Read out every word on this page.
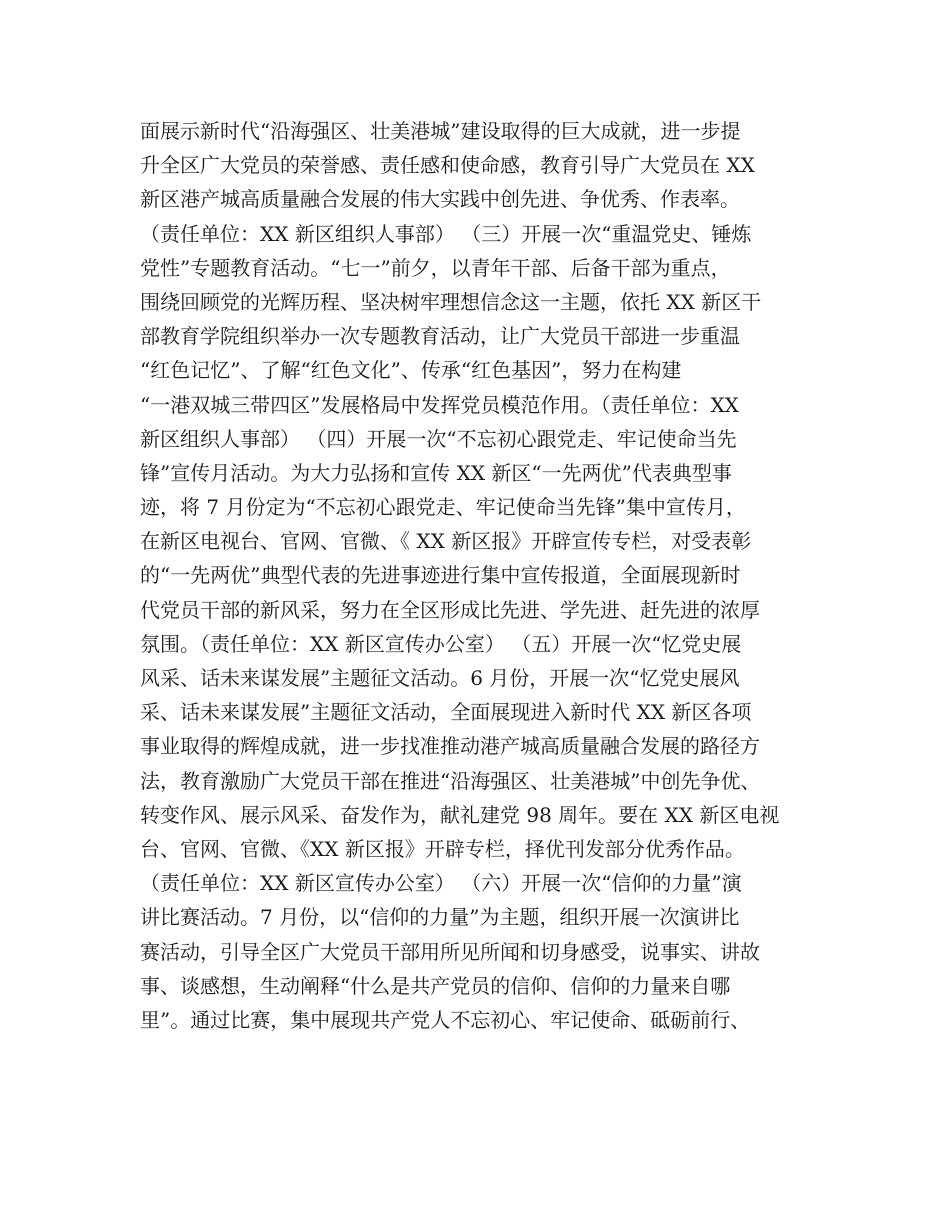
面展示新时代“沿海强区、壮美港城”建设取得的巨大成就，进一步提
升全区广大党员的荣誉感、责任感和使命感，教育引导广大党员在 XX
新区港产城高质量融合发展的伟大实践中创先进、争优秀、作表率。
（责任单位：XX 新区组织人事部） （三）开展一次“重温党史、锤炼
党性”专题教育活动。“七一”前夕，以青年干部、后备干部为重点，
围绕回顾党的光辉历程、坚决树牢理想信念这一主题，依托 XX 新区干
部教育学院组织举办一次专题教育活动，让广大党员干部进一步重温
“红色记忆”、了解“红色文化”、传承“红色基因”，努力在构建
“一港双城三带四区”发展格局中发挥党员模范作用。（责任单位：XX
新区组织人事部） （四）开展一次“不忘初心跟党走、牢记使命当先
锋”宣传月活动。为大力弘扬和宣传 XX 新区“一先两优”代表典型事
迹，将 7 月份定为“不忘初心跟党走、牢记使命当先锋”集中宣传月，
在新区电视台、官网、官微、《 XX 新区报》开辟宣传专栏，对受表彰
的“一先两优”典型代表的先进事迹进行集中宣传报道，全面展现新时
代党员干部的新风采，努力在全区形成比先进、学先进、赶先进的浓厚
氛围。（责任单位：XX 新区宣传办公室） （五）开展一次“忆党史展
风采、话未来谋发展”主题征文活动。6 月份，开展一次“忆党史展风
采、话未来谋发展”主题征文活动，全面展现进入新时代 XX 新区各项
事业取得的辉煌成就，进一步找准推动港产城高质量融合发展的路径方
法，教育激励广大党员干部在推进“沿海强区、壮美港城”中创先争优、
转变作风、展示风采、奋发作为，献礼建党 98 周年。要在 XX 新区电视
台、官网、官微、《XX 新区报》开辟专栏，择优刊发部分优秀作品。
（责任单位：XX 新区宣传办公室） （六）开展一次“信仰的力量”演
讲比赛活动。7 月份，以“信仰的力量”为主题，组织开展一次演讲比
赛活动，引导全区广大党员干部用所见所闻和切身感受，说事实、讲故
事、谈感想，生动阐释“什么是共产党员的信仰、信仰的力量来自哪
里”。通过比赛，集中展现共产党人不忘初心、牢记使命、砥砺前行、
